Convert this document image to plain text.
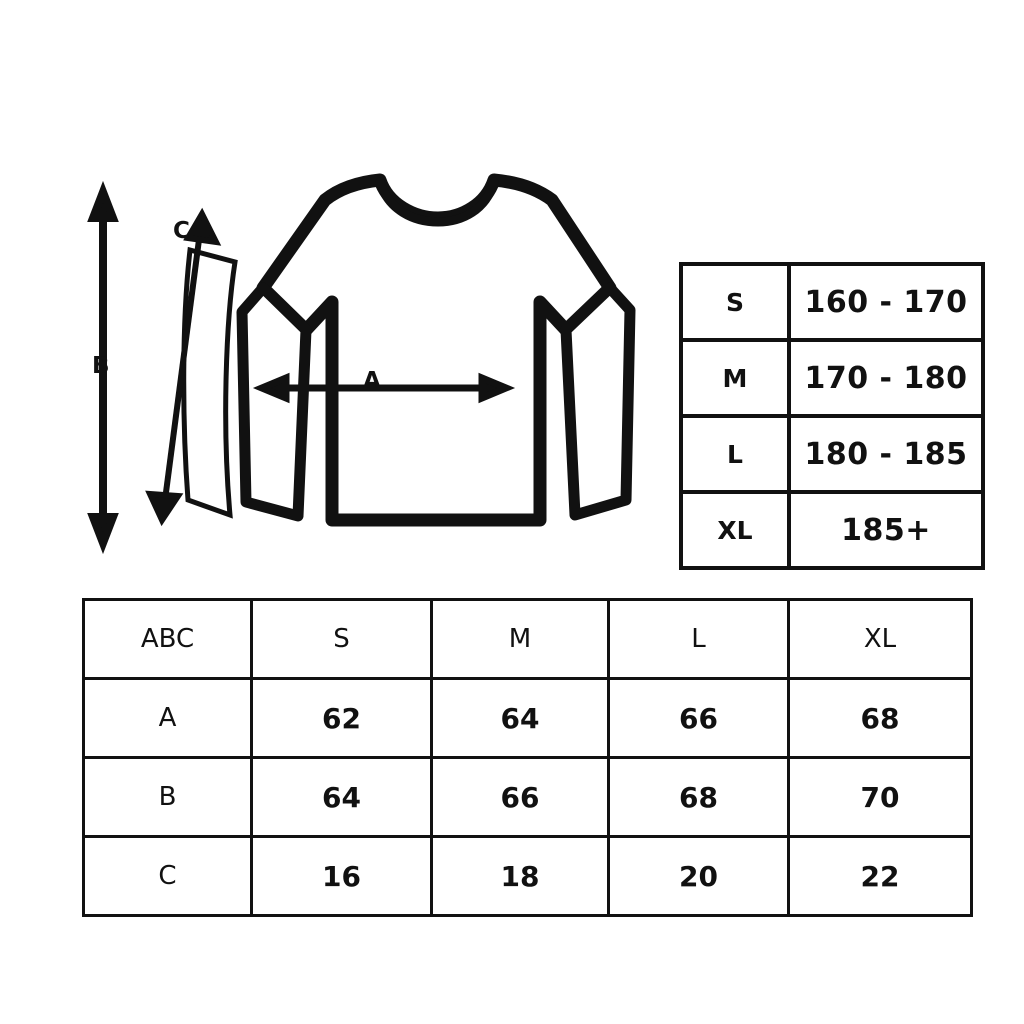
A
B
C
S	160 - 170
M	170 - 180
L	180 - 185
XL	185+
ABC	S	M	L	XL
A	62	64	66	68
B	64	66	68	70
C	16	18	20	22
